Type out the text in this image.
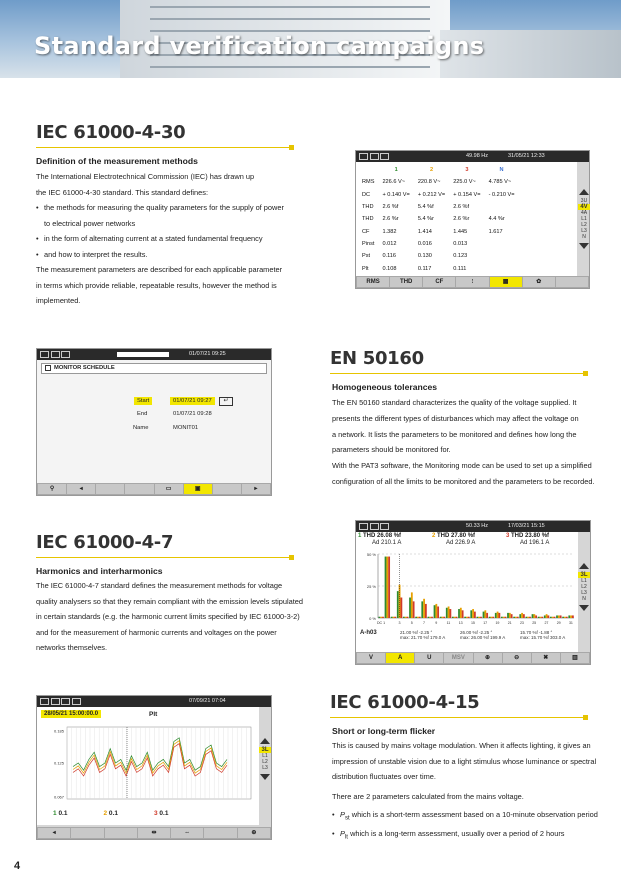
Standard verification campaigns
IEC 61000-4-30
Definition of the measurement methods

The International Electrotechnical Commission (IEC) has drawn up

the IEC 61000-4-30 standard. This standard defines:

• the methods for measuring the quality parameters for the supply of power

to electrical power networks

• in the form of alternating current at a stated fundamental frequency

• and how to interpret the results.

The measurement parameters are described for each applicable parameter

in terms which provide reliable, repeatable results, however the method is

implemented.

49.98 Hz	31/05/21 12:33
	1	2	3	N
RMS	226.6 V~	220.8 V~	225.0 V~	4.785 V~
DC	+ 0.140 V=	+ 0.212 V=	+ 0.154 V=	- 0.210 V=
THD	2.6 %f	5.4 %f	2.6 %f	
THD	2.6 %r	5.4 %r	2.6 %r	4.4 %r
CF	1.382	1.414	1.445	1.617
Pinst	0.012	0.016	0.013	
Pst	0.116	0.130	0.123	
Plt	0.108	0.117	0.111	
3U
4V
4A
L1
L2
L3
N
RMS	THD	CF	⫶	▦	✿

01/07/21 09:25
MONITOR SCHEDULE
Start	01/07/21 09:27	↵
End	01/07/21 09:28
Name	MONIT01
⚲	◂	▭	▣	▸
EN 50160
Homogeneous tolerances

The EN 50160 standard characterizes the quality of the voltage supplied. It

presents the different types of disturbances which may affect the voltage on

a network. It lists the parameters to be monitored and defines how long the

parameters should be monitored for.

With the PAT3 software, the Monitoring mode can be used to set up a simplified

configuration of all the limits to be monitored and the parameters to be recorded.

IEC 61000-4-7
Harmonics and interharmonics

The IEC 61000-4-7 standard defines the measurement methods for voltage

quality analysers so that they remain compliant with the emission levels stipulated

in certain standards (e.g. the harmonic current limits specified by IEC 61000-3-2)

and for the measurement of harmonic currents and voltages on the power

networks themselves.

50.33 Hz	17/03/21 15:15
1 THD 26.08 %f
Ad 210.1 A
2 THD 27.80 %f
Ad 226.9 A
3 THD 23.80 %f
Ad 196.1 A
50 %
25 %
0 %
DC 1	3	5	7	9	11 13 15 17 19 21 23 25 27 29 31
A-h03	21.00 %f -2.25 °
max: 21.70 %f 179.0 A
26.00 %f -2.25 °
max: 26.00 %f 199.9 A
15.70 %f -1.88 °
max: 15.70 %f 303.0 A
3L
L1
L2
L3
N
V	A	U	MSV	⊕	⊖	✖	▥

07/09/21 07:04
28/05/21 15:00:00.0	Plt
0.185
0.125
0.067
1 0.1	2 0.1	3 0.1
3L
L1
L2
L3
◂	⇹	⇔	⊕
IEC 61000-4-15
Short or long-term flicker

This is caused by mains voltage modulation. When it affects lighting, it gives an

impression of unstable vision due to a light stimulus whose luminance or spectral

distribution fluctuates over time.

There are 2 parameters calculated from the mains voltage.

• $P_{st}$ which is a short-term assessment based on a 10-minute observation period

• $P_{lt}$ which is a long-term assessment, usually over a period of 2 hours

4
